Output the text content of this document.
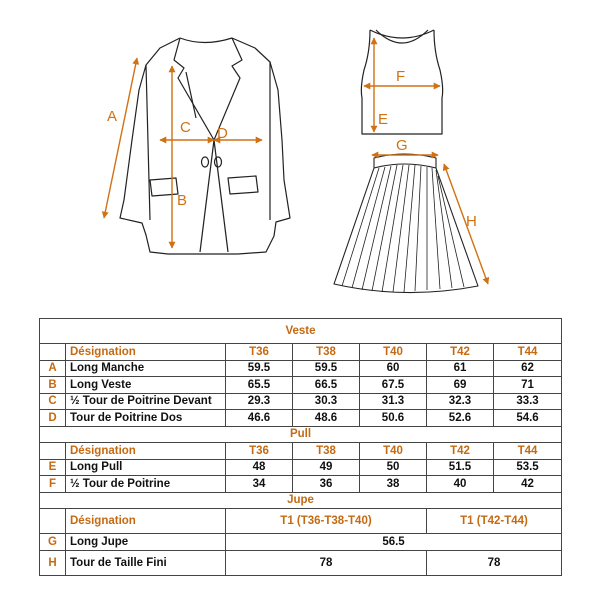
A
B
C D
E
F
G
H
Veste						
	Désignation	T36	T38	T40	T42	T44
A	Long Manche	59.5	59.5	60	61	62
B	Long Veste	65.5	66.5	67.5	69	71
C	½ Tour de Poitrine Devant	29.3	30.3	31.3	32.3	33.3
D	Tour de Poitrine Dos	46.6	48.6	50.6	52.6	54.6
Pull						
	Désignation	T36	T38	T40	T42	T44
E	Long Pull	48	49	50	51.5	53.5
F	½ Tour de Poitrine	34	36	38	40	42
Jupe						
	Désignation	T1 (T36-T38-T40)			T1 (T42-T44)	
G	Long Jupe	56.5				
H	Tour de Taille Fini	78			78	
